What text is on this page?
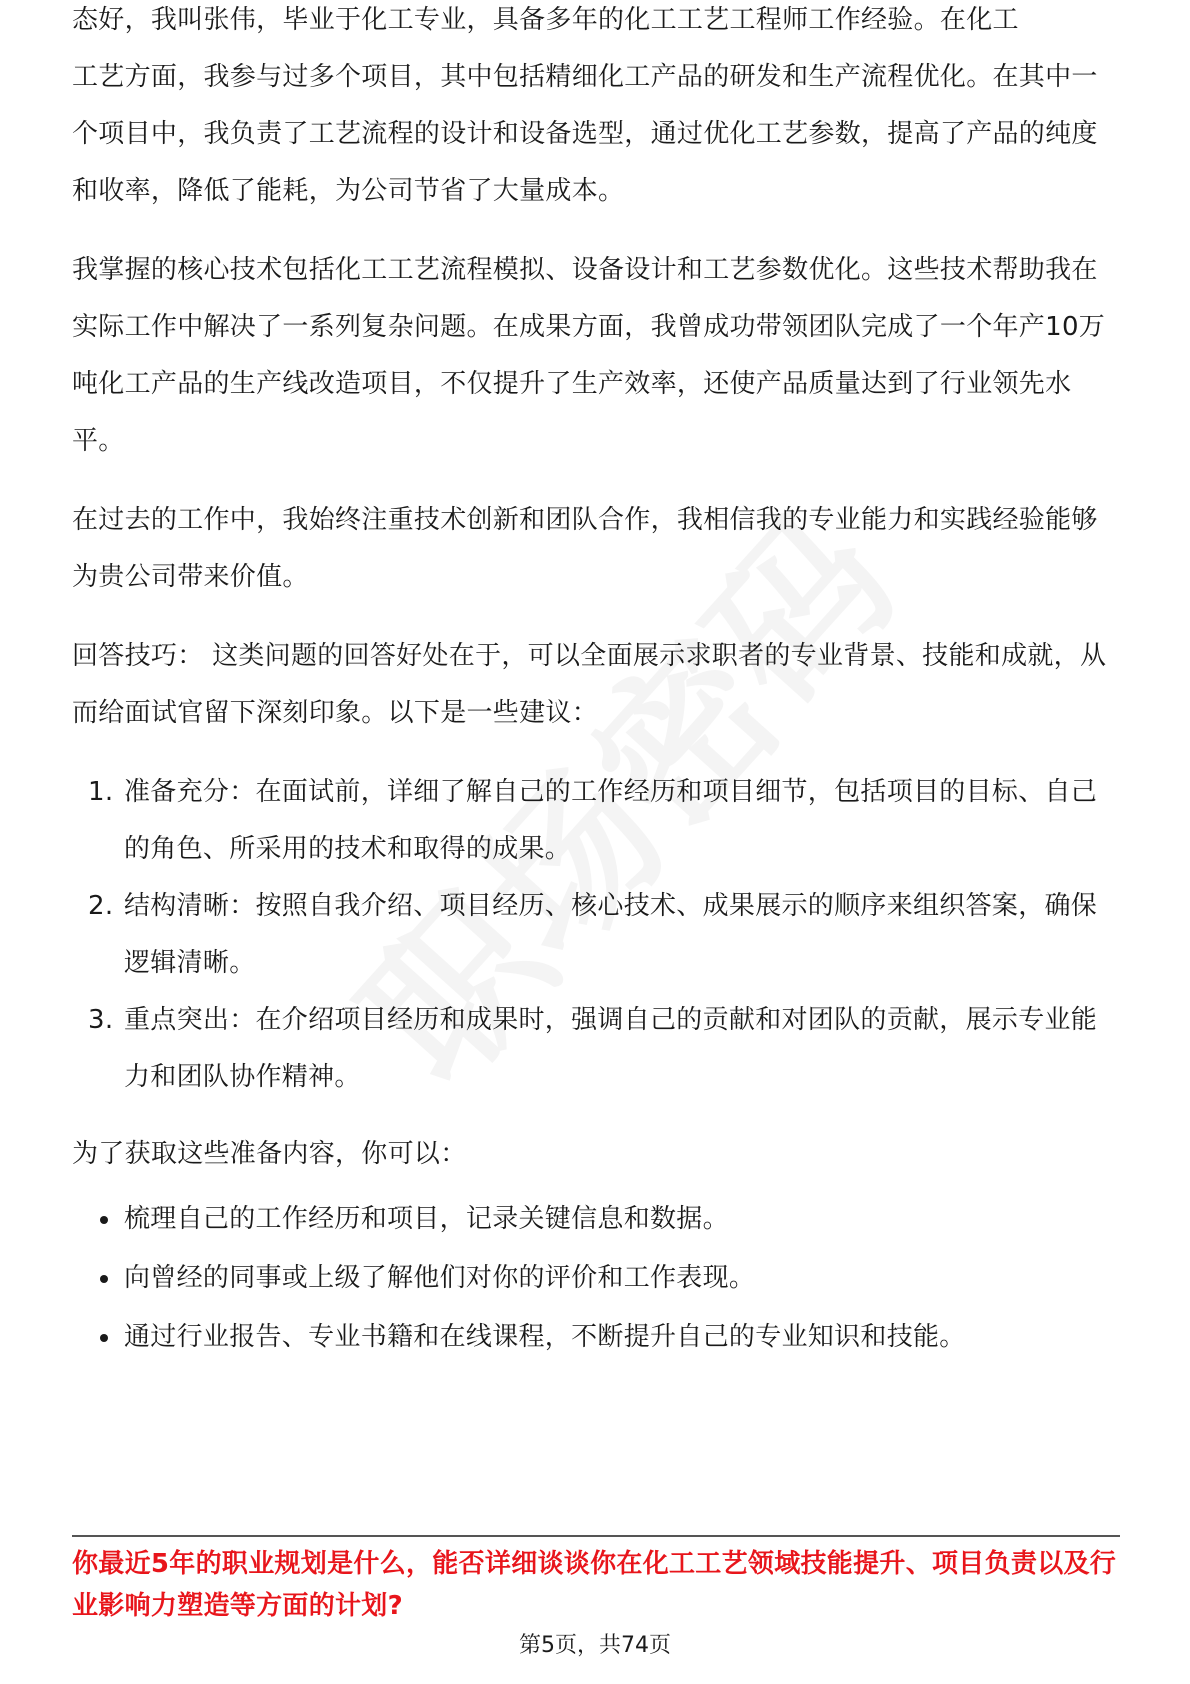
态好，我叫张伟，毕业于化工专业，具备多年的化工工艺工程师工作经验。在化工

工艺方面，我参与过多个项目，其中包括精细化工产品的研发和生产流程优化。在其中一个项目中，我负责了工艺流程的设计和设备选型，通过优化工艺参数，提高了产品的纯度和收率，降低了能耗，为公司节省了大量成本。

我掌握的核心技术包括化工工艺流程模拟、设备设计和工艺参数优化。这些技术帮助我在实际工作中解决了一系列复杂问题。在成果方面，我曾成功带领团队完成了一个年产10万吨化工产品的生产线改造项目，不仅提升了生产效率，还使产品质量达到了行业领先水平。

在过去的工作中，我始终注重技术创新和团队合作，我相信我的专业能力和实践经验能够为贵公司带来价值。

回答技巧： 这类问题的回答好处在于，可以全面展示求职者的专业背景、技能和成就，从而给面试官留下深刻印象。以下是一些建议：

1. 准备充分：在面试前，详细了解自己的工作经历和项目细节，包括项目的目标、自己的角色、所采用的技术和取得的成果。
2. 结构清晰：按照自我介绍、项目经历、核心技术、成果展示的顺序来组织答案，确保逻辑清晰。
3. 重点突出：在介绍项目经历和成果时，强调自己的贡献和对团队的贡献，展示专业能力和团队协作精神。

为了获取这些准备内容，你可以：

梳理自己的工作经历和项目，记录关键信息和数据。
向曾经的同事或上级了解他们对你的评价和工作表现。
通过行业报告、专业书籍和在线课程，不断提升自己的专业知识和技能。
你最近5年的职业规划是什么，能否详细谈谈你在化工工艺领域技能提升、项目负责以及行业影响力塑造等方面的计划?
第5页，共74页
